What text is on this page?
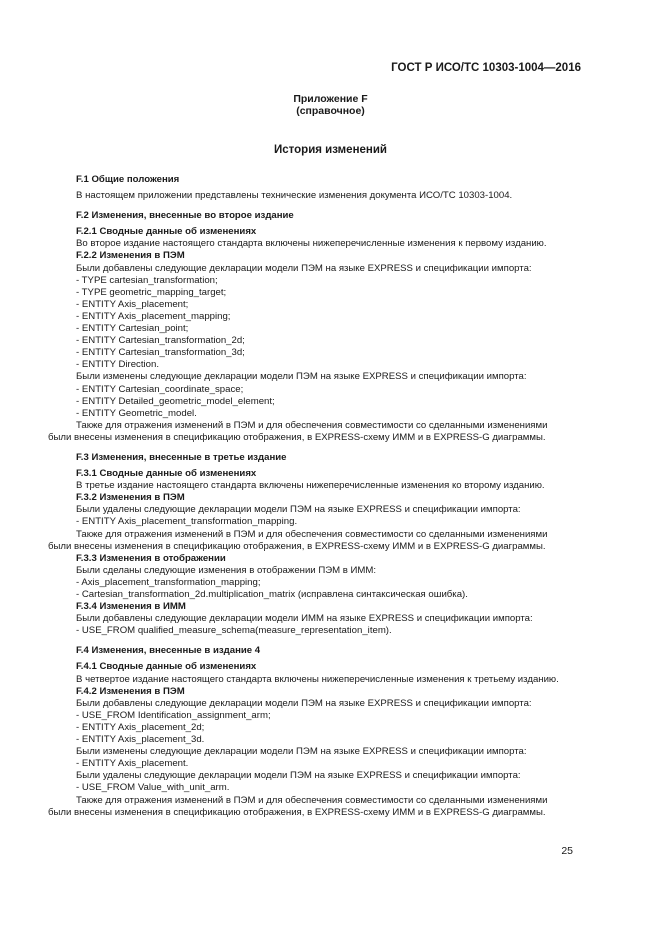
ГОСТ Р ИСО/ТС 10303-1004—2016
Приложение F
(справочное)
История изменений

F.1 Общие положения

В настоящем приложении представлены технические изменения документа ИСО/ТС 10303-1004.

F.2 Изменения, внесенные во второе издание

F.2.1 Сводные данные об изменениях

Во второе издание настоящего стандарта включены нижеперечисленные изменения к первому изданию.

F.2.2 Изменения в ПЭМ

Были добавлены следующие декларации модели ПЭМ на языке EXPRESS и спецификации импорта:

- TYPE cartesian_transformation;

- TYPE geometric_mapping_target;

- ENTITY Axis_placement;

- ENTITY Axis_placement_mapping;

- ENTITY Cartesian_point;

- ENTITY Cartesian_transformation_2d;

- ENTITY Cartesian_transformation_3d;

- ENTITY Direction.

Были изменены следующие декларации модели ПЭМ на языке EXPRESS и спецификации импорта:

- ENTITY Cartesian_coordinate_space;

- ENTITY Detailed_geometric_model_element;

- ENTITY Geometric_model.

Также для отражения изменений в ПЭМ и для обеспечения совместимости со сделанными изменениями

были внесены изменения в спецификацию отображения, в EXPRESS-схему ИММ и в EXPRESS-G диаграммы.

F.3 Изменения, внесенные в третье издание

F.3.1 Сводные данные об изменениях

В третье издание настоящего стандарта включены нижеперечисленные изменения ко второму изданию.

F.3.2 Изменения в ПЭМ

Были удалены следующие декларации модели ПЭМ на языке EXPRESS и спецификации импорта:

- ENTITY Axis_placement_transformation_mapping.

Также для отражения изменений в ПЭМ и для обеспечения совместимости со сделанными изменениями

были внесены изменения в спецификацию отображения, в EXPRESS-схему ИММ и в EXPRESS-G диаграммы.

F.3.3 Изменения в отображении

Были сделаны следующие изменения в отображении ПЭМ в ИММ:

- Axis_placement_transformation_mapping;

- Cartesian_transformation_2d.multiplication_matrix (исправлена синтаксическая ошибка).

F.3.4 Изменения в ИММ

Были добавлены следующие декларации модели ИММ на языке EXPRESS и спецификации импорта:

- USE_FROM qualified_measure_schema(measure_representation_item).

F.4 Изменения, внесенные в издание 4

F.4.1 Сводные данные об изменениях

В четвертое издание настоящего стандарта включены нижеперечисленные изменения к третьему изданию.

F.4.2 Изменения в ПЭМ

Были добавлены следующие декларации модели ПЭМ на языке EXPRESS и спецификации импорта:

- USE_FROM Identification_assignment_arm;

- ENTITY Axis_placement_2d;

- ENTITY Axis_placement_3d.

Были изменены следующие декларации модели ПЭМ на языке EXPRESS и спецификации импорта:

- ENTITY Axis_placement.

Были удалены следующие декларации модели ПЭМ на языке EXPRESS и спецификации импорта:

- USE_FROM Value_with_unit_arm.

Также для отражения изменений в ПЭМ и для обеспечения совместимости со сделанными изменениями

были внесены изменения в спецификацию отображения, в EXPRESS-схему ИММ и в EXPRESS-G диаграммы.

25
